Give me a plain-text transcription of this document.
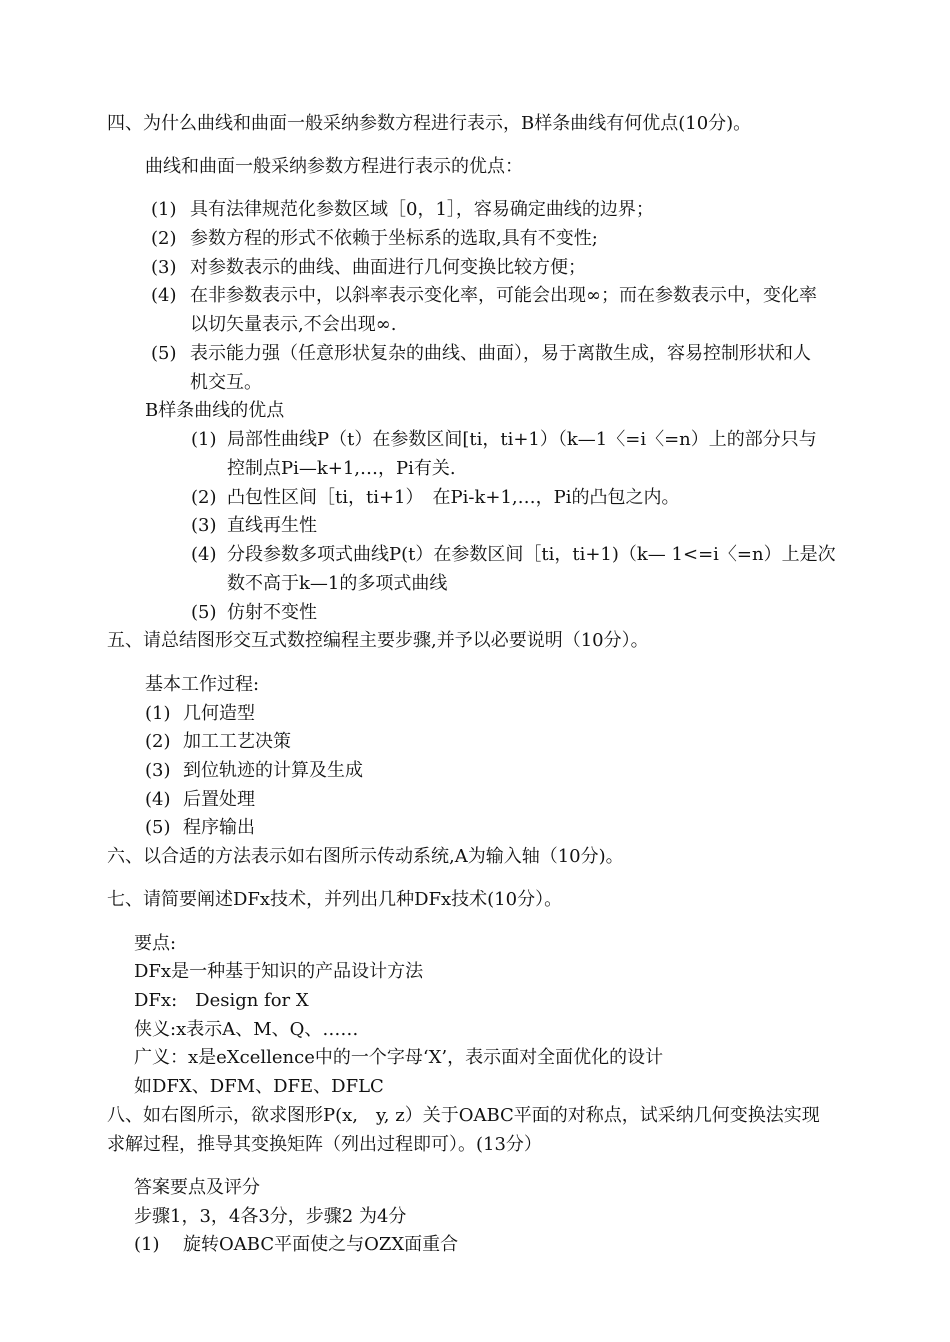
四、为什么曲线和曲面一般采纳参数方程进行表示，B样条曲线有何优点(10分)。
曲线和曲面一般采纳参数方程进行表示的优点：
(1) 具有法律规范化参数区域［0，1］，容易确定曲线的边界；
(2) 参数方程的形式不依赖于坐标系的选取,具有不变性;
(3) 对参数表示的曲线、曲面进行几何变换比较方便；
(4) 在非参数表示中，以斜率表示变化率，可能会出现∞；而在参数表示中，变化率
以切矢量表示,不会出现∞.
(5) 表示能力强（任意形状复杂的曲线、曲面），易于离散生成，容易控制形状和人
机交互。
B样条曲线的优点
(1) 局部性曲线P（t）在参数区间[ti，ti+1）（k—1〈=i〈=n）上的部分只与
控制点Pi—k+1,…，Pi有关.
(2) 凸包性区间［ti，ti+1）　在Pi-k+1,…，Pi的凸包之内。
(3) 直线再生性
(4) 分段参数多项式曲线P(t）在参数区间［ti，ti+1)（k— 1<=i〈=n）上是次
数不高于k—1的多项式曲线
(5) 仿射不变性
五、请总结图形交互式数控编程主要步骤,并予以必要说明（10分）。
基本工作过程:
(1) 几何造型
(2) 加工工艺决策
(3) 到位轨迹的计算及生成
(4) 后置处理
(5) 程序输出
六、以合适的方法表示如右图所示传动系统,A为输入轴（10分)。
七、请简要阐述DFx技术，并列出几种DFx技术(10分）。
要点:
DFx是一种基于知识的产品设计方法
DFx:　Design for X
侠义:x表示A、M、Q、……
广义：x是eXcellence中的一个字母‘X’，表示面对全面优化的设计
如DFX、DFM、DFE、DFLC
八、如右图所示，欲求图形P(x,　y, z）关于OABC平面的对称点，试采纳几何变换法实现
求解过程，推导其变换矩阵（列出过程即可）。(13分）
答案要点及评分
步骤1，3，4各3分，步骤2 为4分
(1) 旋转OABC平面使之与OZX面重合
